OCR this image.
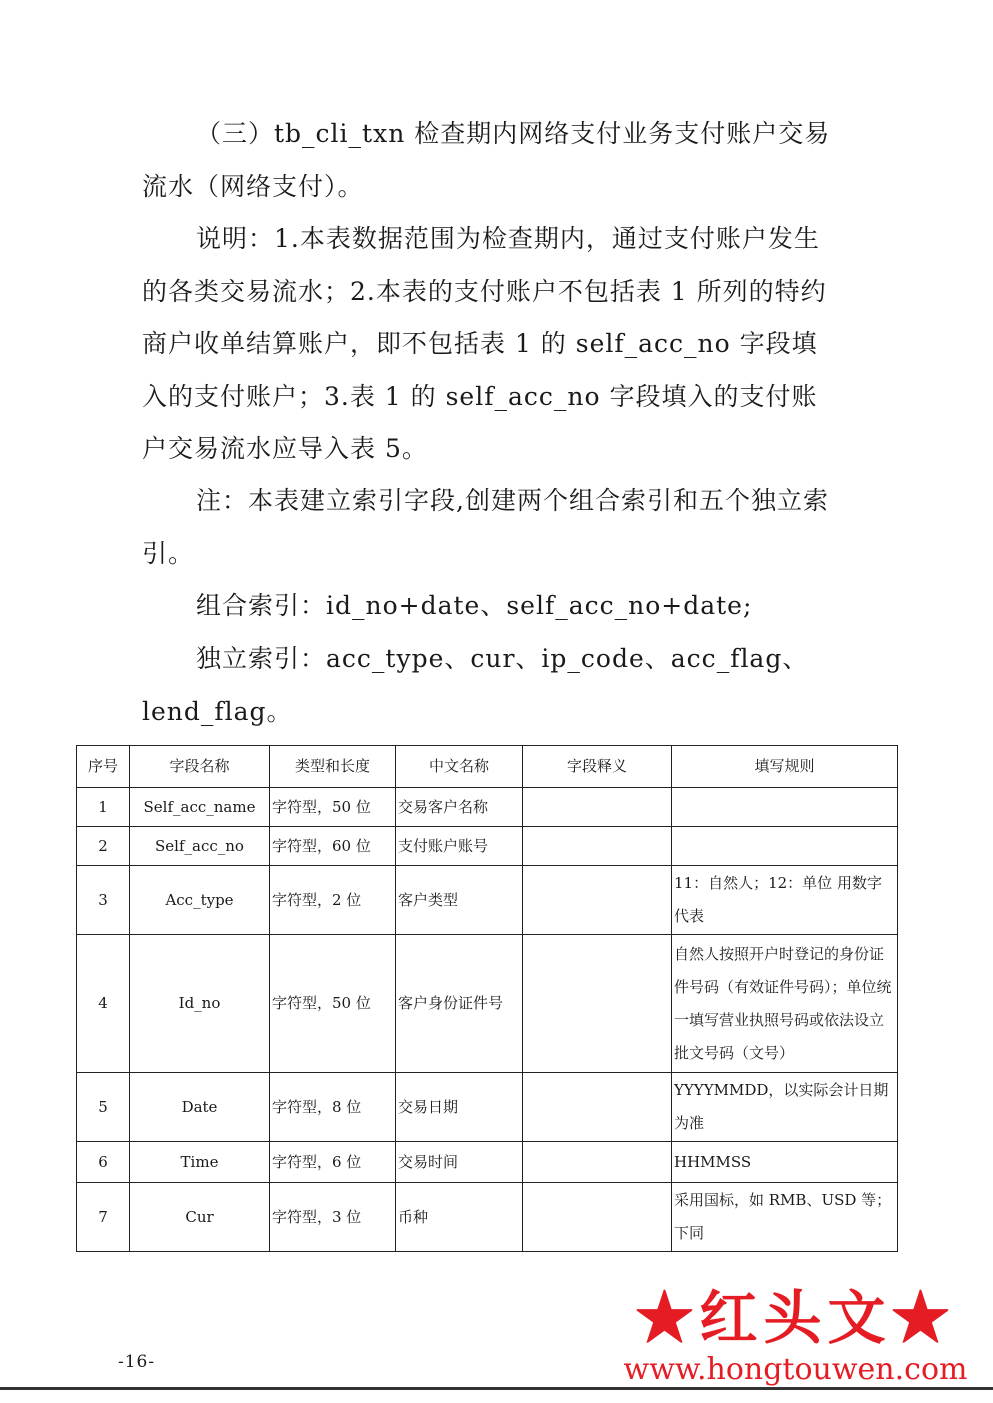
（三）tb_cli_txn 检查期内网络支付业务支付账户交易流水（网络支付）。

说明：1.本表数据范围为检查期内，通过支付账户发生的各类交易流水；2.本表的支付账户不包括表 1 所列的特约商户收单结算账户，即不包括表 1 的 self_acc_no 字段填入的支付账户；3.表 1 的 self_acc_no 字段填入的支付账户交易流水应导入表 5。

注：本表建立索引字段,创建两个组合索引和五个独立索引。

组合索引：id_no+date、self_acc_no+date;

独立索引：acc_type、cur、ip_code、acc_flag、lend_flag。

序号	字段名称	类型和长度	中文名称	字段释义	填写规则
1	Self_acc_name	字符型，50 位	交易客户名称		
2	Self_acc_no	字符型，60 位	支付账户账号		
3	Acc_type	字符型，2 位	客户类型		11：自然人；12：单位 用数字代表
4	Id_no	字符型，50 位	客户身份证件号		自然人按照开户时登记的身份证件号码（有效证件号码）；单位统一填写营业执照号码或依法设立批文号码（文号）
5	Date	字符型，8 位	交易日期		YYYYMMDD，以实际会计日期为准
6	Time	字符型，6 位	交易时间		HHMMSS
7	Cur	字符型，3 位	币种		采用国标，如 RMB、USD 等；下同
-16-
★红头文★
www.hongtouwen.com
